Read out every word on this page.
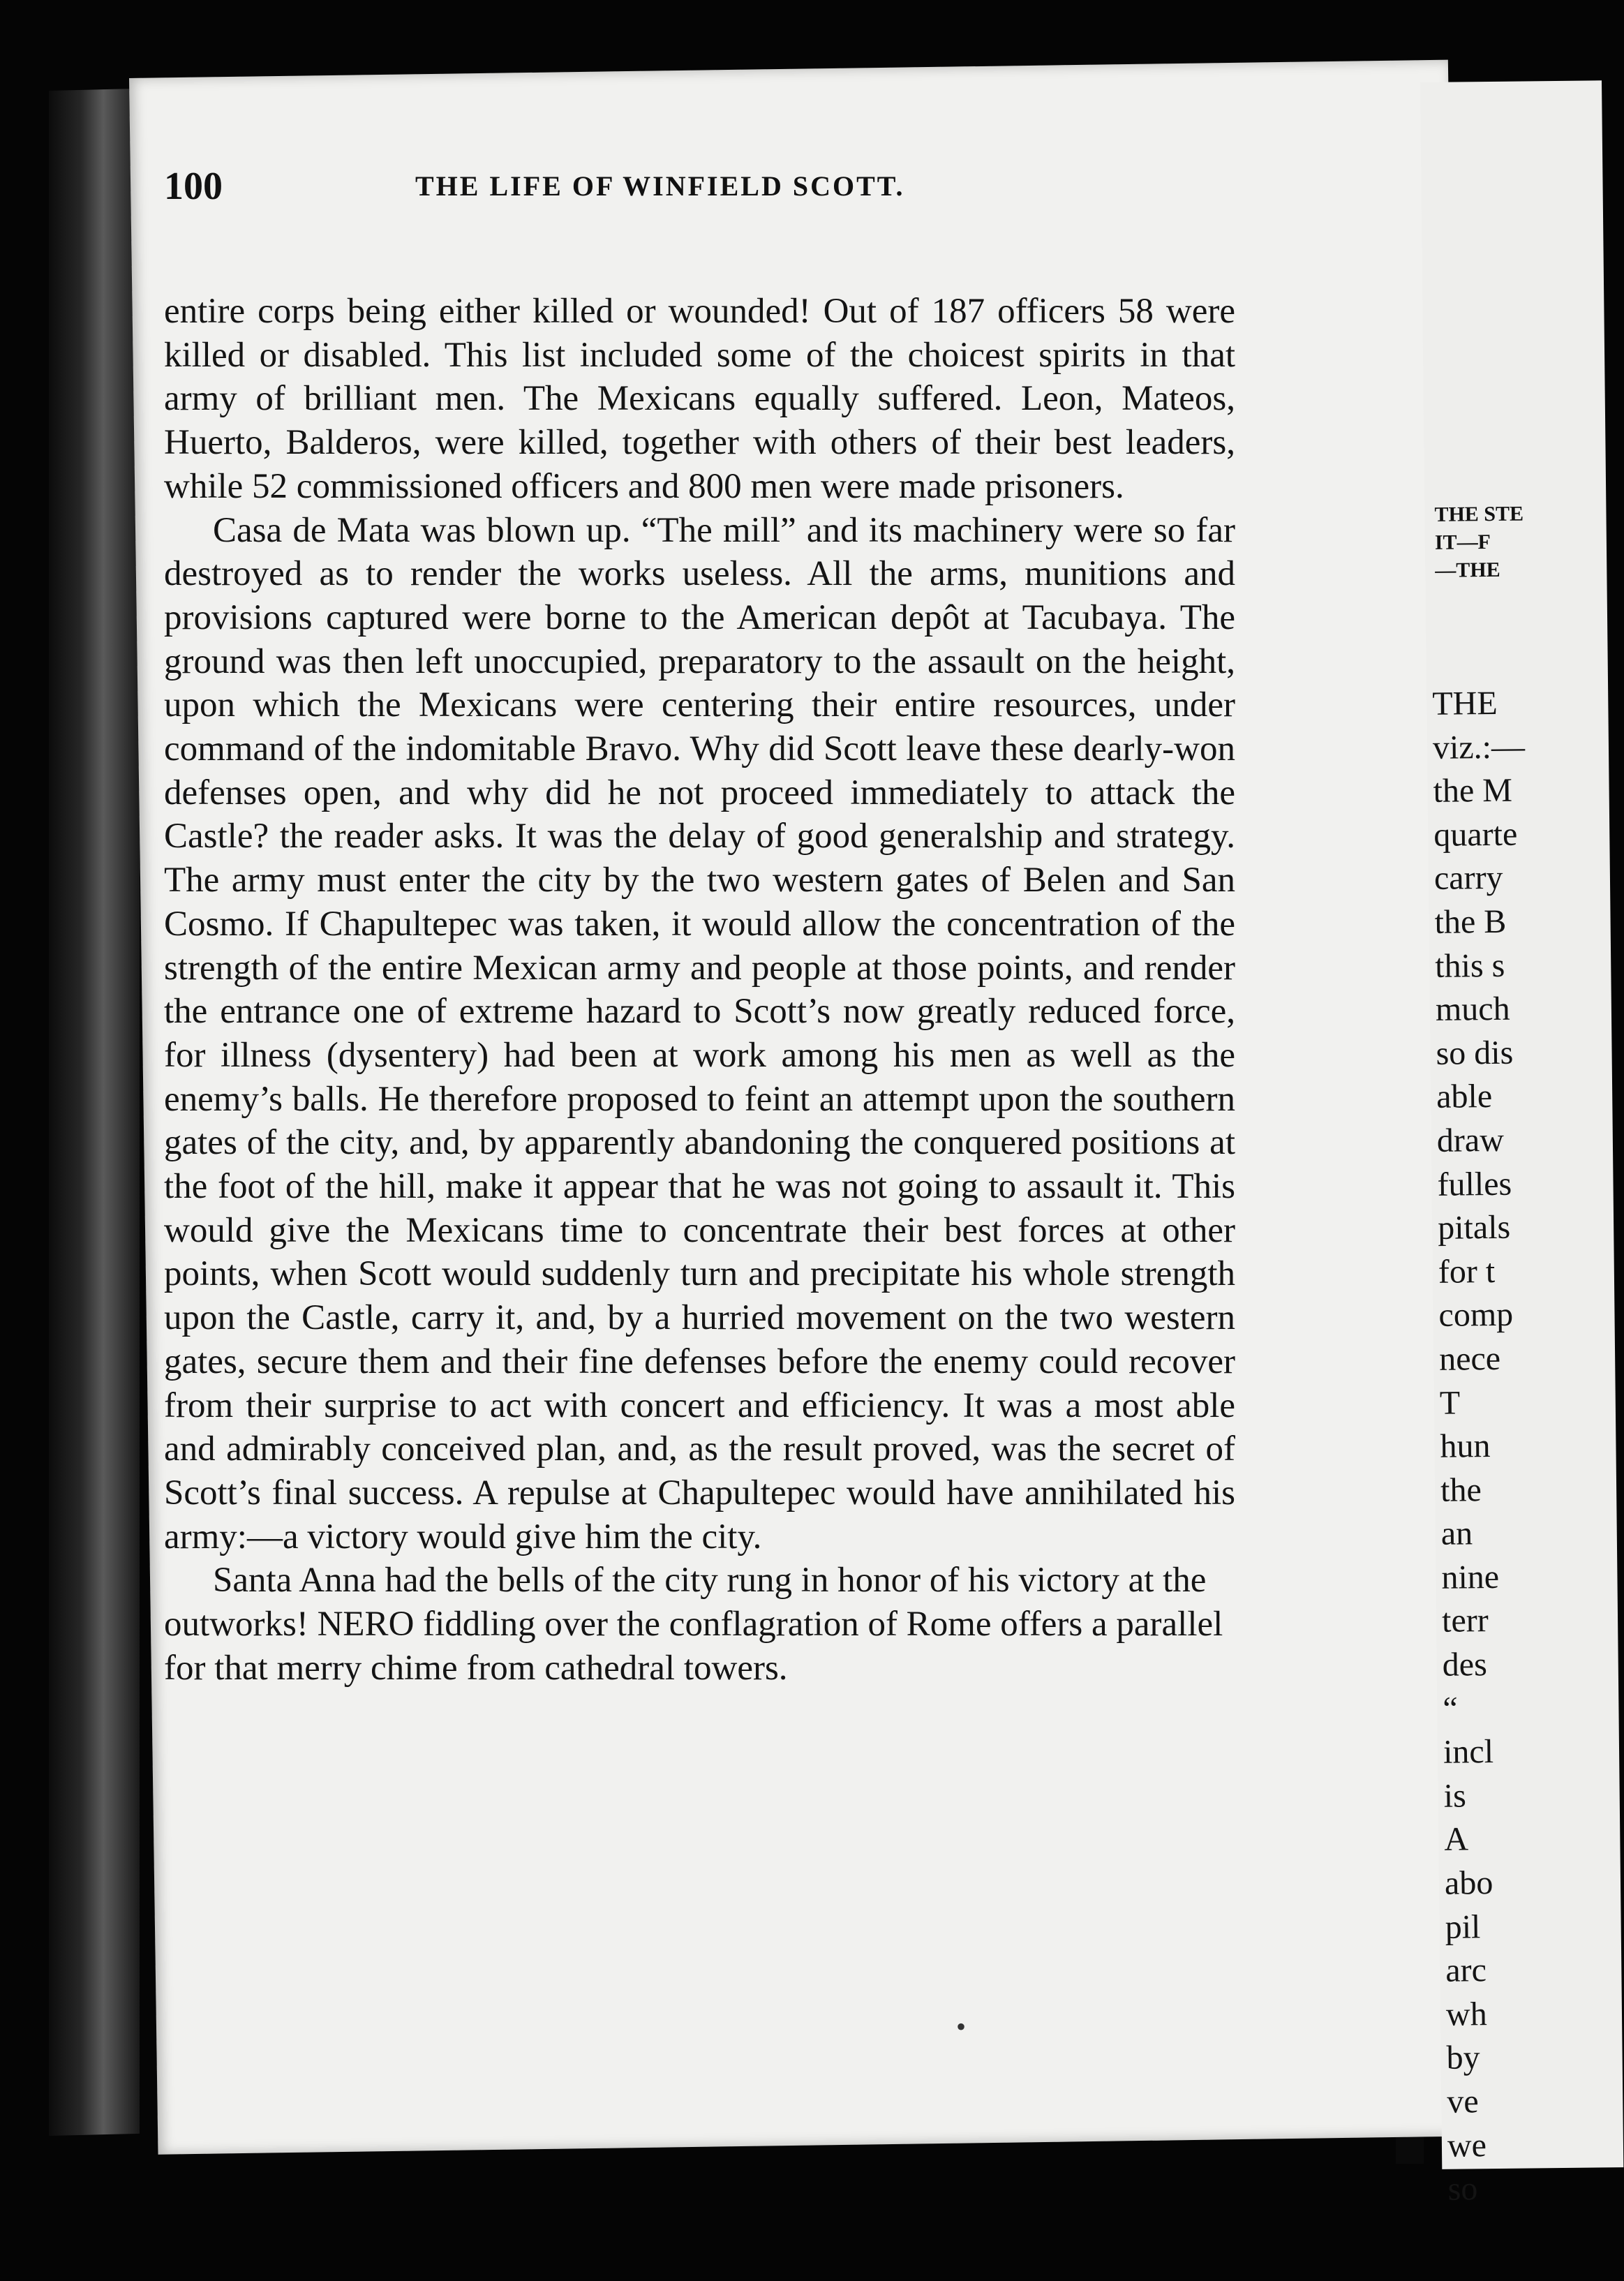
100	THE LIFE OF WINFIELD SCOTT.

entire corps being either killed or wounded! Out of 187 officers 58 were killed or disabled. This list included some of the choicest spirits in that army of brilliant men. The Mexicans equally suffered. Leon, Mateos, Huerto, Balderos, were killed, together with others of their best leaders, while 52 commissioned officers and 800 men were made prisoners.

Casa de Mata was blown up. “The mill” and its machinery were so far destroyed as to render the works useless. All the arms, munitions and provisions captured were borne to the American depôt at Tacubaya. The ground was then left unoccupied, preparatory to the assault on the height, upon which the Mexicans were centering their entire resources, under command of the indomitable Bravo. Why did Scott leave these dearly-won defenses open, and why did he not proceed immediately to attack the Castle? the reader asks. It was the delay of good generalship and strategy. The army must enter the city by the two western gates of Belen and San Cosmo. If Chapultepec was taken, it would allow the concentration of the strength of the entire Mexican army and people at those points, and render the entrance one of extreme hazard to Scott’s now greatly reduced force, for illness (dysentery) had been at work among his men as well as the enemy’s balls. He therefore proposed to feint an attempt upon the southern gates of the city, and, by apparently abandoning the conquered positions at the foot of the hill, make it appear that he was not going to assault it. This would give the Mexicans time to concentrate their best forces at other points, when Scott would suddenly turn and precipitate his whole strength upon the Castle, carry it, and, by a hurried movement on the two western gates, secure them and their fine defenses before the enemy could recover from their surprise to act with concert and efficiency. It was a most able and admirably conceived plan, and, as the result proved, was the secret of Scott’s final success. A repulse at Chapultepec would have annihilated his army:—a victory would give him the city.

Santa Anna had the bells of the city rung in honor of his victory at the outworks! NERO fiddling over the conflagration of Rome offers a parallel for that merry chime from cathedral towers.

•
THE STE
IT—F
—THE
THE
viz.:—
the M
quarte
carry
the B
this s
much
so dis
able
draw
fulles
pitals
for t
comp
nece
T
hun
the
an
nine
terr
des
“
incl
is
A
abo
pil
arc
wh
by
ve
we
so
